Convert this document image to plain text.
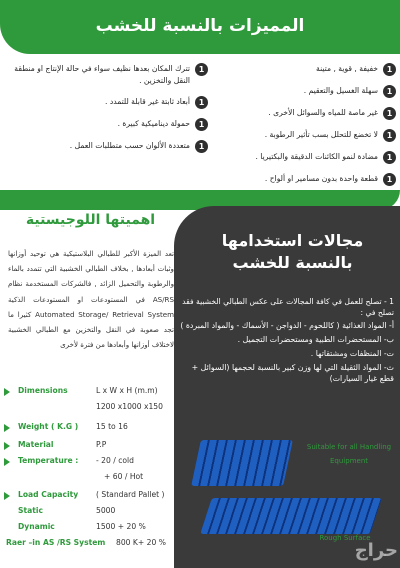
المميزات بالنسبة للخشب
1
خفيفة , قوية , متينة
1
سهلة الغسيل والتعقيم .
1
غير ماصة للمياه والسوائل الأخرى .
1
لا تخضع للتحلل بسب تأثير الرطوبة .
1
مضادة لنمو الكائنات الدقيقة والبكتيريا .
1
قطعة واحدة بدون مسامير او ألواح .
1
تترك المكان بعدها نظيف سواء في حالة الإنتاج او منطقة النقل والتخزين .
1
أبعاد ثابتة غير قابلة للتمدد .
1
حمولة ديناميكية كبيرة .
1
متعددة الألوان حسب متطلبات العمل .
مجالات استخدامها
بالنسبة للخشب
1 - تصلح للعمل في كافة المجالات على عكس الطبالي الخشبية فقد تصلح في :
أ- المواد الغذائية ( كاللحوم - الدواجن - الأسماك - والمواد المبردة )
ب- المستحضرات الطبية ومستحضرات التجميل .
ت- المنظفات ومشتقاتها .
ث- المواد الثقيلة التي لها وزن كبير بالنسبة لحجمها (السوائل + قطع غيار السيارات)
Suitable for all Handling Equipment
Rough Surface
حراج
اهميتها اللوجيستية
تعد الميزة الأكبر للطبالي البلاستيكية هي توحيد أوزانها وثبات أبعادها , بخلاف الطبالي الخشبية التي تتمدد بالماء والرطوبة والتحميل الزائد , فالشركات المستخدمة نظام AS/RS في المستودعات او المستودعات الذكية Automated Storage/ Retrieval System كثيرا ما تجد صعوبة في النقل والتخزين مع الطبالي الخشبية لاختلاف أوزانها وأبعادها من فترة لأخرى
Dimensions	L x W x H (m.m)
1200 x1000 x150
Weight ( K.G ) 15 to 16
Material	P.P
Temperature : - 20 / cold
+ 60 / Hot
Load Capacity ( Standard Pallet )
Static	5000
Dynamic	1500 + 20 %
Raer –in AS /RS System 800 K+ 20 %
